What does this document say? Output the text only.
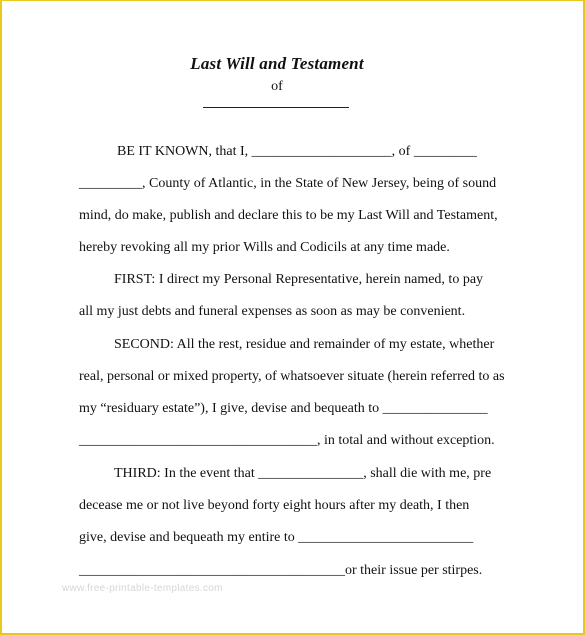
Last Will and Testament
of
BE IT KNOWN, that I, ____________________, of _________
_________, County of Atlantic, in the State of New Jersey, being of sound
mind, do make, publish and declare this to be my Last Will and Testament,
hereby revoking all my prior Wills and Codicils at any time made.
FIRST: I direct my Personal Representative, herein named, to pay
all my just debts and funeral expenses as soon as may be convenient.
SECOND: All the rest, residue and remainder of my estate, whether
real, personal or mixed property, of whatsoever situate (herein referred to as
my “residuary estate”), I give, devise and bequeath to _______________
__________________________________, in total and without exception.
THIRD: In the event that _______________, shall die with me, pre
decease me or not live beyond forty eight hours after my death, I then
give, devise and bequeath my entire to _________________________
______________________________________or their issue per stirpes.
www.free-printable-templates.com
